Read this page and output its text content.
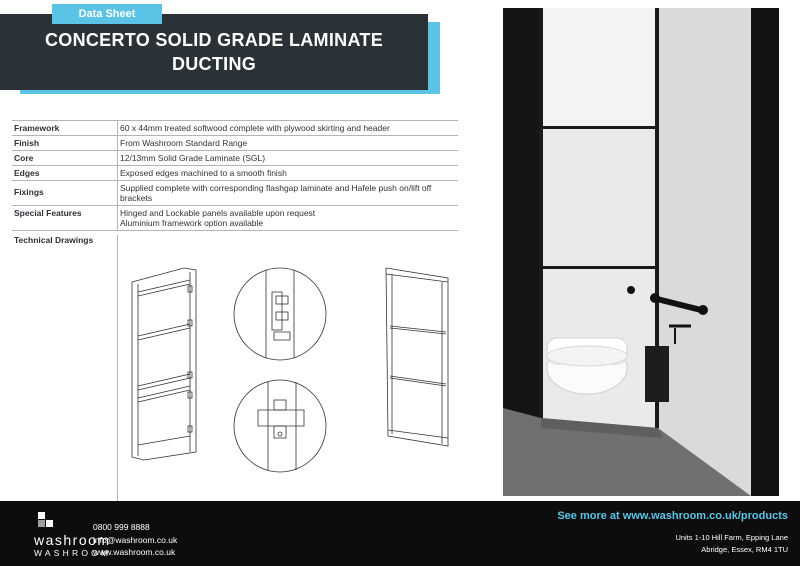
CONCERTO SOLID GRADE LAMINATE
DUCTING
Data Sheet
Framework	60 x 44mm treated softwood complete with plywood skirting and header
Finish	From Washroom Standard Range
Core	12/13mm Solid Grade Laminate (SGL)
Edges	Exposed edges machined to a smooth finish
Fixings	Supplied complete with corresponding flashgap laminate and Hafele push on/lift off brackets
Special Features	Hinged and Lockable panels available upon request
Aluminium framework option available
Technical Drawings
washroom
WASHROOM
0800 999 8888
info@washroom.co.uk
www.washroom.co.uk
See more at www.washroom.co.uk/products
Units 1-10 Hill Farm, Epping Lane
Abridge, Essex, RM4 1TU
